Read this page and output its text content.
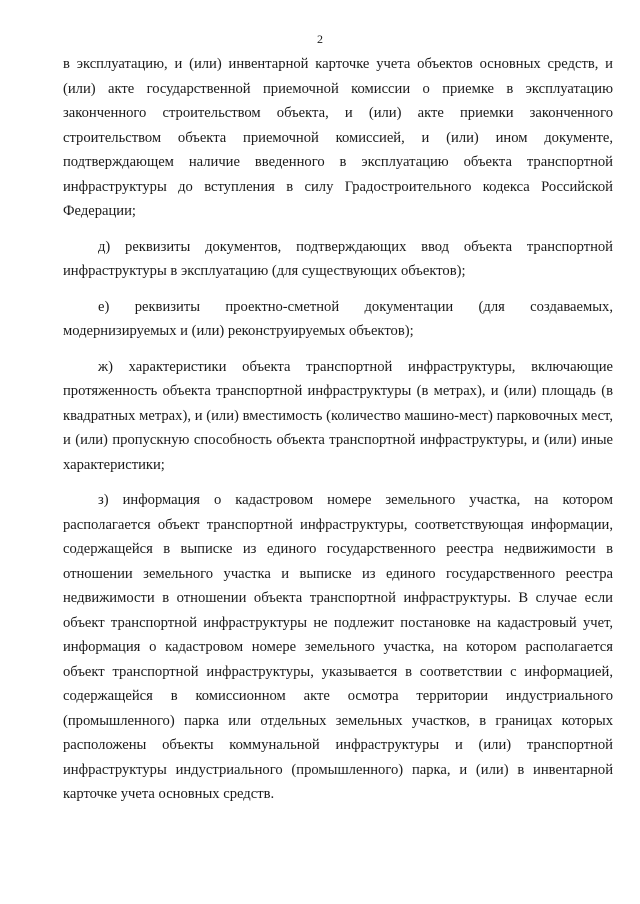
2

в эксплуатацию, и (или) инвентарной карточке учета объектов основных средств, и (или) акте государственной приемочной комиссии о приемке в эксплуатацию законченного строительством объекта, и (или) акте приемки законченного строительством объекта приемочной комиссией, и (или) ином документе, подтверждающем наличие введенного в эксплуатацию объекта транспортной инфраструктуры до вступления в силу Градостроительного кодекса Российской Федерации;

д) реквизиты документов, подтверждающих ввод объекта транспортной инфраструктуры в эксплуатацию (для существующих объектов);

е) реквизиты проектно-сметной документации (для создаваемых, модернизируемых и (или) реконструируемых объектов);

ж) характеристики объекта транспортной инфраструктуры, включающие протяженность объекта транспортной инфраструктуры (в метрах), и (или) площадь (в квадратных метрах), и (или) вместимость (количество машино-мест) парковочных мест, и (или) пропускную способность объекта транспортной инфраструктуры, и (или) иные характеристики;

з) информация о кадастровом номере земельного участка, на котором располагается объект транспортной инфраструктуры, соответствующая информации, содержащейся в выписке из единого государственного реестра недвижимости в отношении земельного участка и выписке из единого государственного реестра недвижимости в отношении объекта транспортной инфраструктуры. В случае если объект транспортной инфраструктуры не подлежит постановке на кадастровый учет, информация о кадастровом номере земельного участка, на котором располагается объект транспортной инфраструктуры, указывается в соответствии с информацией, содержащейся в комиссионном акте осмотра территории индустриального (промышленного) парка или отдельных земельных участков, в границах которых расположены объекты коммунальной инфраструктуры и (или) транспортной инфраструктуры индустриального (промышленного) парка, и (или) в инвентарной карточке учета основных средств.
